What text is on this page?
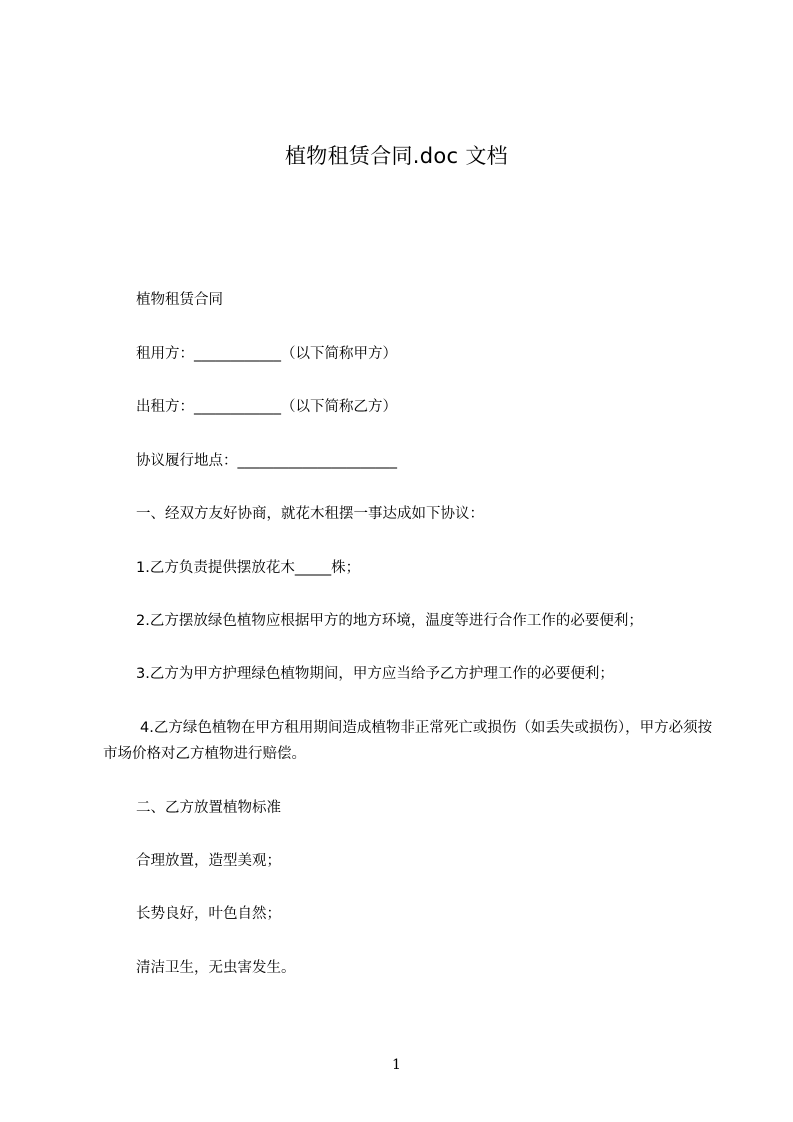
植物租赁合同.doc 文档
植物租赁合同
租用方：____________（以下简称甲方）
出租方：____________（以下简称乙方）
协议履行地点：______________________
一、经双方友好协商，就花木租摆一事达成如下协议：
1.乙方负责提供摆放花木_____株；
2.乙方摆放绿色植物应根据甲方的地方环境，温度等进行合作工作的必要便利；
3.乙方为甲方护理绿色植物期间，甲方应当给予乙方护理工作的必要便利；
4.乙方绿色植物在甲方租用期间造成植物非正常死亡或损伤（如丢失或损伤），甲方必须按市场价格对乙方植物进行赔偿。
二、乙方放置植物标准
合理放置，造型美观；
长势良好，叶色自然；
清洁卫生，无虫害发生。
1
